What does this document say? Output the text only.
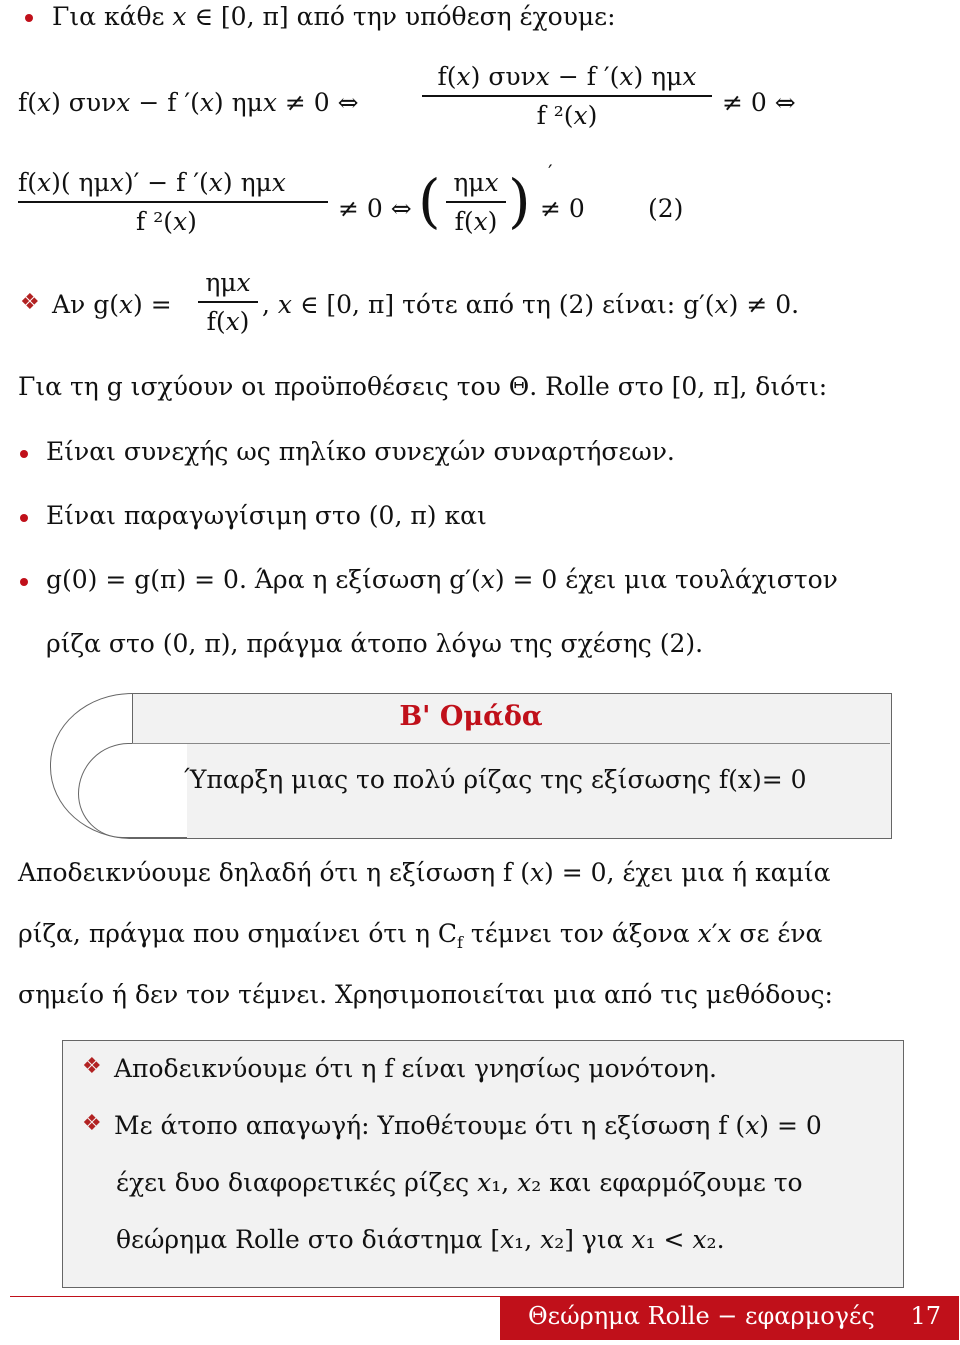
Για κάθε 𝑥 ∈ [0, π] από την υπόθεση έχουμε:
f(𝑥) συν𝑥 − f ′(𝑥) ημ𝑥 ≠ 0 ⇔
f(𝑥) συν𝑥 − f ′(𝑥) ημ𝑥
f ²(𝑥)	≠ 0 ⇔
f(𝑥)( ημ𝑥)′ − f ′(𝑥) ημ𝑥
f ²(𝑥)	≠ 0 ⇔ ( ημ𝑥
f(𝑥) ) ′
≠ 0	(2)
❖ Αν g(𝑥) =
ημ𝑥
f(𝑥)
, 𝑥 ∈ [0, π] τότε από τη (2) είναι: g′(𝑥) ≠ 0.
Για τη g ισχύουν οι προϋποθέσεις του Θ. Rolle στο [0, π], διότι:
Είναι συνεχής ως πηλίκο συνεχών συναρτήσεων.
Είναι παραγωγίσιμη στο (0, π) και
g(0) = g(π) = 0. Άρα η εξίσωση g′(𝑥) = 0 έχει μια τουλάχιστον
ρίζα στο (0, π), πράγμα άτοπο λόγω της σχέσης (2).
Β' Ομάδα
Ύπαρξη μιας το πολύ ρίζας της εξίσωσης f(x)= 0
Αποδεικνύουμε δηλαδή ότι η εξίσωση f (𝑥) = 0, έχει μια ή καμία
ρίζα, πράγμα που σημαίνει ότι η $C_f$ τέμνει τον άξονα 𝑥′𝑥 σε ένα
σημείο ή δεν τον τέμνει. Χρησιμοποιείται μια από τις μεθόδους:
❖ Αποδεικνύουμε ότι η f είναι γνησίως μονότονη.
❖ Με άτοπο απαγωγή: Υποθέτουμε ότι η εξίσωση f (𝑥) = 0
έχει δυο διαφορετικές ρίζες 𝑥₁, 𝑥₂ και εφαρμόζουμε το
θεώρημα Rolle στο διάστημα [𝑥₁, 𝑥₂] για 𝑥₁ < 𝑥₂.
Θεώρημα Rolle − εφαρμογές 17
